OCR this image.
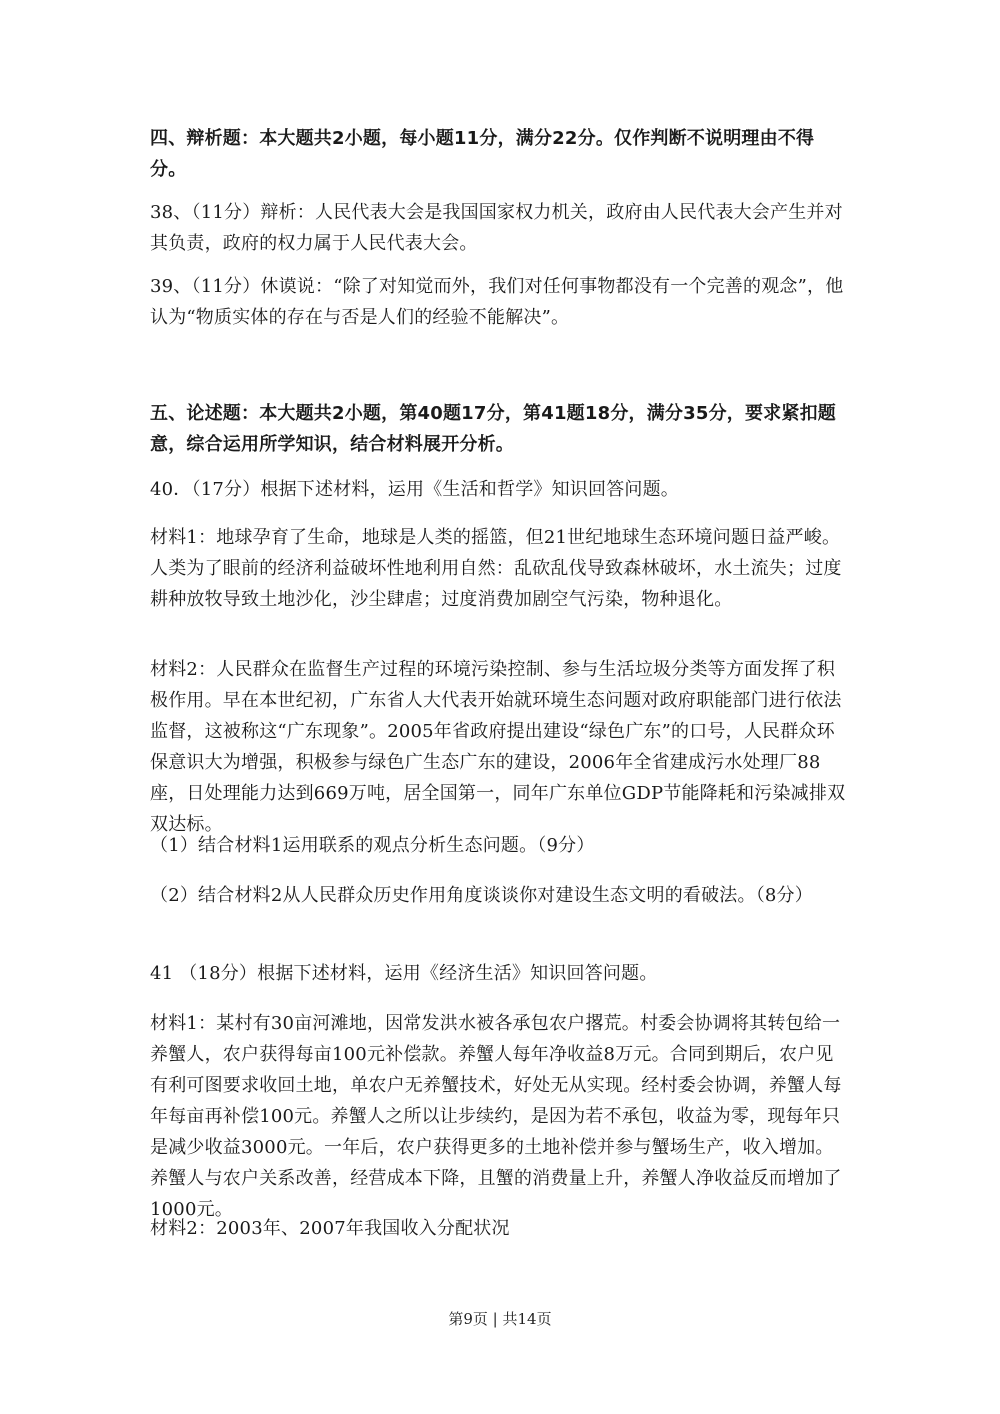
四、辩析题：本大题共2小题，每小题11分，满分22分。仅作判断不说明理由不得分。
38、（11分）辩析：人民代表大会是我国国家权力机关，政府由人民代表大会产生并对其负责，政府的权力属于人民代表大会。
39、（11分）休谟说：“除了对知觉而外，我们对任何事物都没有一个完善的观念”，他认为“物质实体的存在与否是人们的经验不能解决”。
五、论述题：本大题共2小题，第40题17分，第41题18分，满分35分，要求紧扣题意，综合运用所学知识，结合材料展开分析。
40．（17分）根据下述材料，运用《生活和哲学》知识回答问题。
材料1：地球孕育了生命，地球是人类的摇篮，但21世纪地球生态环境问题日益严峻。人类为了眼前的经济利益破坏性地利用自然：乱砍乱伐导致森林破坏，水土流失；过度耕种放牧导致土地沙化，沙尘肆虐；过度消费加剧空气污染，物种退化。
材料2：人民群众在监督生产过程的环境污染控制、参与生活垃圾分类等方面发挥了积极作用。早在本世纪初，广东省人大代表开始就环境生态问题对政府职能部门进行依法监督，这被称这“广东现象”。2005年省政府提出建设“绿色广东”的口号，人民群众环保意识大为增强，积极参与绿色广生态广东的建设，2006年全省建成污水处理厂88座，日处理能力达到669万吨，居全国第一，同年广东单位GDP节能降耗和污染减排双双达标。
（1）结合材料1运用联系的观点分析生态问题。（9分）
（2）结合材料2从人民群众历史作用角度谈谈你对建设生态文明的看破法。（8分）
41 （18分）根据下述材料，运用《经济生活》知识回答问题。
材料1：某村有30亩河滩地，因常发洪水被各承包农户撂荒。村委会协调将其转包给一养蟹人，农户获得每亩100元补偿款。养蟹人每年净收益8万元。合同到期后，农户见有利可图要求收回土地，单农户无养蟹技术，好处无从实现。经村委会协调，养蟹人每年每亩再补偿100元。养蟹人之所以让步续约，是因为若不承包，收益为零，现每年只是减少收益3000元。一年后，农户获得更多的土地补偿并参与蟹场生产，收入增加。养蟹人与农户关系改善，经营成本下降，且蟹的消费量上升，养蟹人净收益反而增加了1000元。
材料2：2003年、2007年我国收入分配状况
第9页 | 共14页
